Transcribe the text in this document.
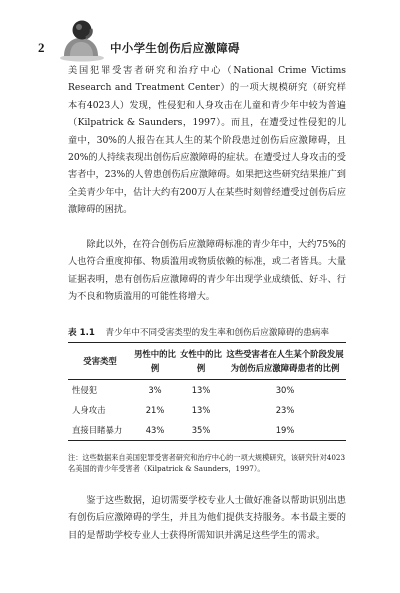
2	中小学生创伤后应激障碍

美国犯罪受害者研究和治疗中心（National Crime Victims Research and Treatment Center）的一项大规模研究（研究样本有4023人）发现，性侵犯和人身攻击在儿童和青少年中较为普遍（Kilpatrick & Saunders，1997）。而且，在遭受过性侵犯的儿童中，30%的人报告在其人生的某个阶段患过创伤后应激障碍，且20%的人持续表现出创伤后应激障碍的症状。在遭受过人身攻击的受害者中，23%的人曾患创伤后应激障碍。如果把这些研究结果推广到全美青少年中，估计大约有200万人在某些时刻曾经遭受过创伤后应激障碍的困扰。

除此以外，在符合创伤后应激障碍标准的青少年中，大约75%的人也符合重度抑郁、物质滥用或物质依赖的标准，或二者皆具。大量证据表明，患有创伤后应激障碍的青少年出现学业成绩低、好斗、行为不良和物质滥用的可能性将增大。

表 1.1 青少年中不同受害类型的发生率和创伤后应激障碍的患病率
受害类型	男性中的比例	女性中的比例	这些受害者在人生某个阶段发展为创伤后应激障碍患者的比例
性侵犯	3%	13%	30%
人身攻击	21%	13%	23%
直接目睹暴力	43%	35%	19%

注：这些数据来自美国犯罪受害者研究和治疗中心的一项大规模研究，该研究针对4023名美国的青少年受害者（Kilpatrick & Saunders，1997）。

鉴于这些数据，迫切需要学校专业人士做好准备以帮助识别出患有创伤后应激障碍的学生，并且为他们提供支持服务。本书最主要的目的是帮助学校专业人士获得所需知识并满足这些学生的需求。
